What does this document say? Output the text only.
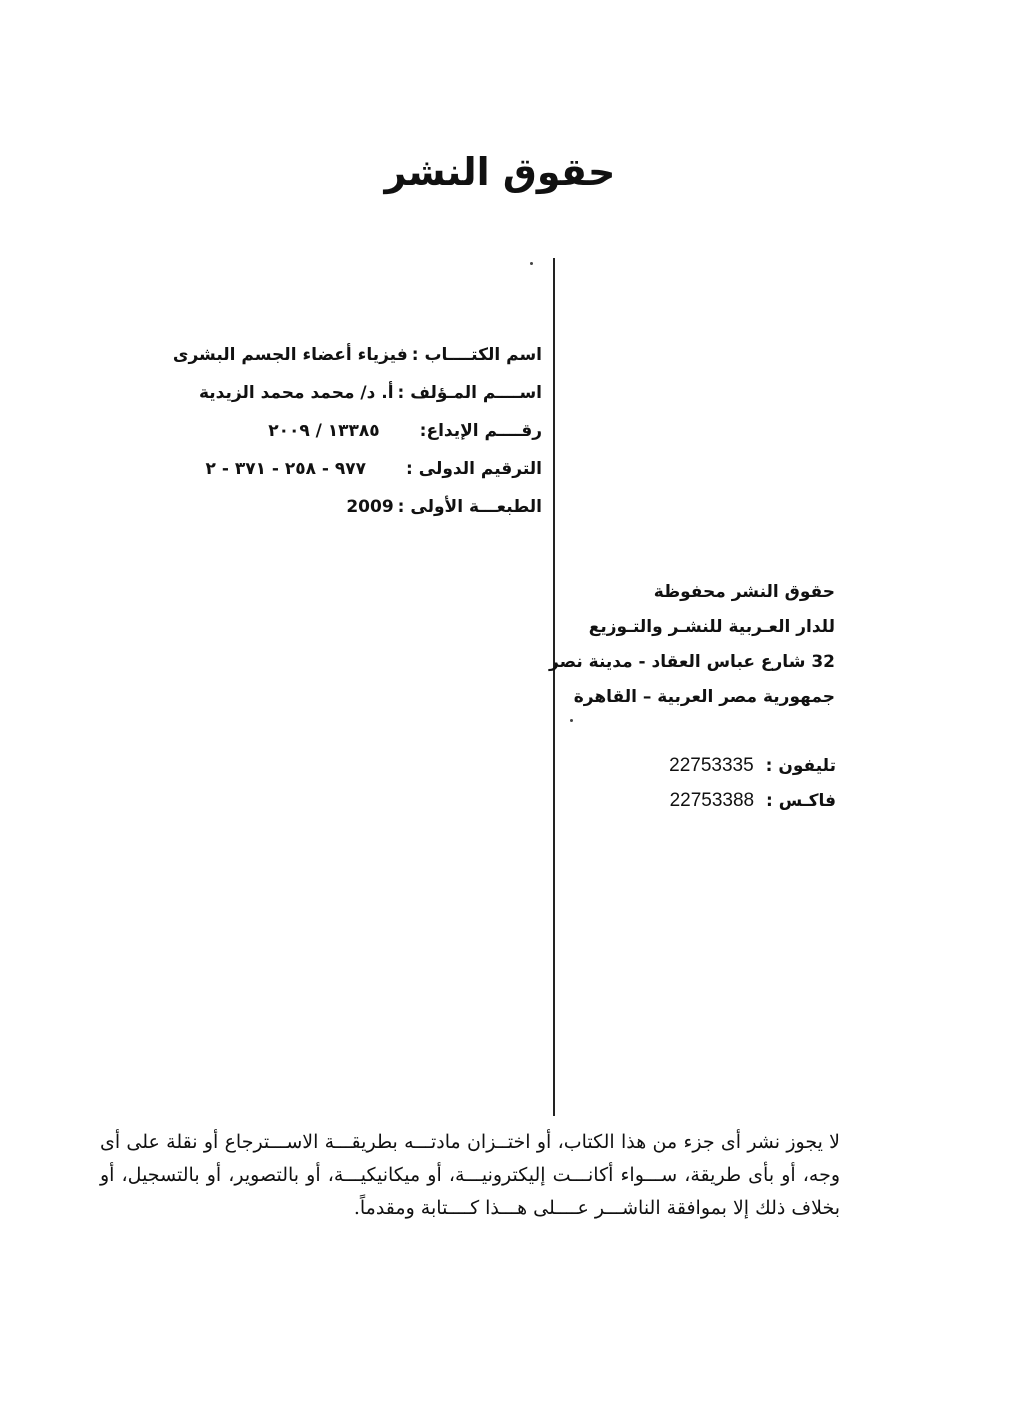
حقوق النشر
اسم الكتــــاب :
فيزياء أعضاء الجسم البشرى
اســــم المـؤلف :
أ. د/ محمد محمد الزيدية
رقــــم الإيداع:
١٣٣٨٥ / ٢٠٠٩
الترقيم الدولى :
٩٧٧ - ٢٥٨ - ٣٧١ - ٢
الطبعـــة الأولى :
2009
حقوق النشر محفوظة
للدار العـربية للنشـر والتـوزيع
32 شارع عباس العقاد - مدينة نصر
جمهورية مصر العربية – القاهرة
تليفون : 22753335
فاكـس : 22753388
لا يجوز نشر أى جزء من هذا الكتاب، أو اختــزان مادتـــه بطريقـــة الاســـترجاع أو نقلة على أى وجه، أو بأى طريقة، ســـواء أكانـــت إليكترونيـــة، أو ميكانيكيـــة، أو بالتصوير، أو بالتسجيل، أو بخلاف ذلك إلا بموافقة الناشـــر عــــلى هـــذا كــــتابة ومقدماً.
